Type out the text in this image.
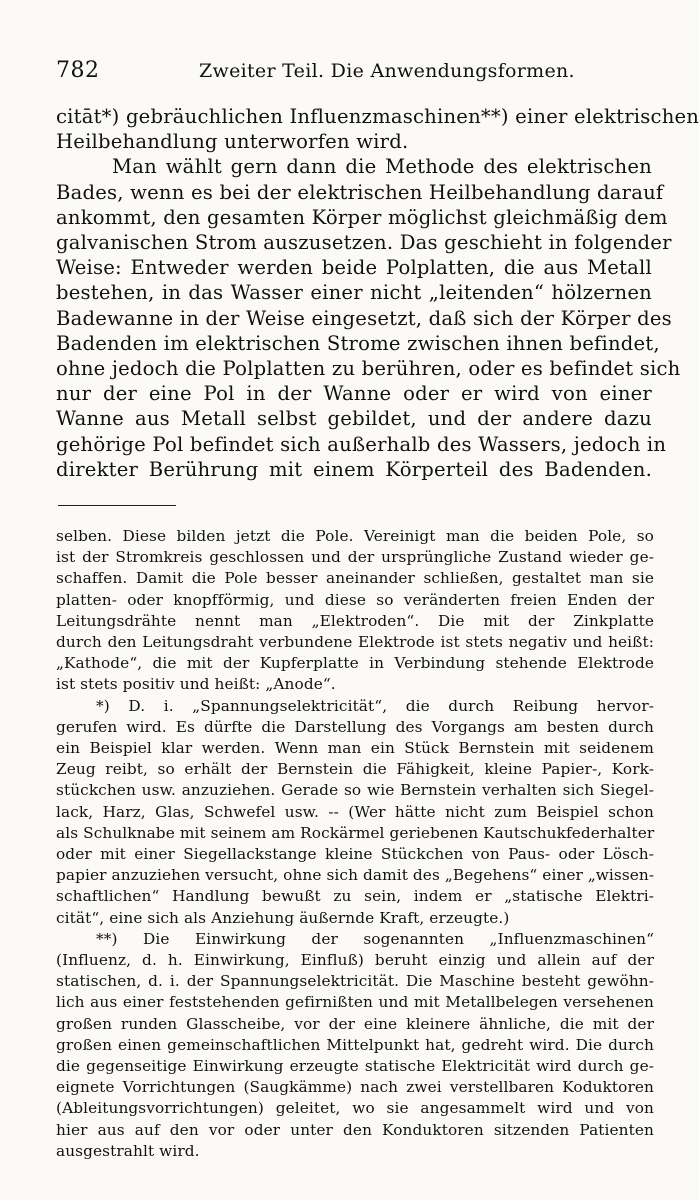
782	Zweiter Teil. Die Anwendungsformen.
citāt*) gebräuchlichen Influenzmaschinen**) einer elektrischen
Heilbehandlung unterworfen wird.
Man wählt gern dann die Methode des elektrischen
Bades, wenn es bei der elektrischen Heilbehandlung darauf
ankommt, den gesamten Körper möglichst gleichmäßig dem
galvanischen Strom auszusetzen. Das geschieht in folgender
Weise: Entweder werden beide Polplatten, die aus Metall
bestehen, in das Wasser einer nicht „leitenden“ hölzernen
Badewanne in der Weise eingesetzt, daß sich der Körper des
Badenden im elektrischen Strome zwischen ihnen befindet,
ohne jedoch die Polplatten zu berühren, oder es befindet sich
nur der eine Pol in der Wanne oder er wird von einer
Wanne aus Metall selbst gebildet, und der andere dazu
gehörige Pol befindet sich außerhalb des Wassers, jedoch in
direkter Berührung mit einem Körperteil des Badenden.
selben. Diese bilden jetzt die Pole. Vereinigt man die beiden Pole, so
ist der Stromkreis geschlossen und der ursprüngliche Zustand wieder ge-
schaffen. Damit die Pole besser aneinander schließen, gestaltet man sie
platten- oder knopfförmig, und diese so veränderten freien Enden der
Leitungsdrähte nennt man „Elektroden“. Die mit der Zinkplatte
durch den Leitungsdraht verbundene Elektrode ist stets negativ und heißt:
„Kathode“, die mit der Kupferplatte in Verbindung stehende Elektrode
ist stets positiv und heißt: „Anode“.
*) D. i. „Spannungselektricität“, die durch Reibung hervor-
gerufen wird. Es dürfte die Darstellung des Vorgangs am besten durch
ein Beispiel klar werden. Wenn man ein Stück Bernstein mit seidenem
Zeug reibt, so erhält der Bernstein die Fähigkeit, kleine Papier-, Kork-
stückchen usw. anzuziehen. Gerade so wie Bernstein verhalten sich Siegel-
lack, Harz, Glas, Schwefel usw. -- (Wer hätte nicht zum Beispiel schon
als Schulknabe mit seinem am Rockärmel geriebenen Kautschukfederhalter
oder mit einer Siegellackstange kleine Stückchen von Paus- oder Lösch-
papier anzuziehen versucht, ohne sich damit des „Begehens“ einer „wissen-
schaftlichen“ Handlung bewußt zu sein, indem er „statische Elektri-
cität“, eine sich als Anziehung äußernde Kraft, erzeugte.)
**) Die Einwirkung der sogenannten „Influenzmaschinen“
(Influenz, d. h. Einwirkung, Einfluß) beruht einzig und allein auf der
statischen, d. i. der Spannungselektricität. Die Maschine besteht gewöhn-
lich aus einer feststehenden gefirnißten und mit Metallbelegen versehenen
großen runden Glasscheibe, vor der eine kleinere ähnliche, die mit der
großen einen gemeinschaftlichen Mittelpunkt hat, gedreht wird. Die durch
die gegenseitige Einwirkung erzeugte statische Elektricität wird durch ge-
eignete Vorrichtungen (Saugkämme) nach zwei verstellbaren Koduktoren
(Ableitungsvorrichtungen) geleitet, wo sie angesammelt wird und von
hier aus auf den vor oder unter den Konduktoren sitzenden Patienten
ausgestrahlt wird.
